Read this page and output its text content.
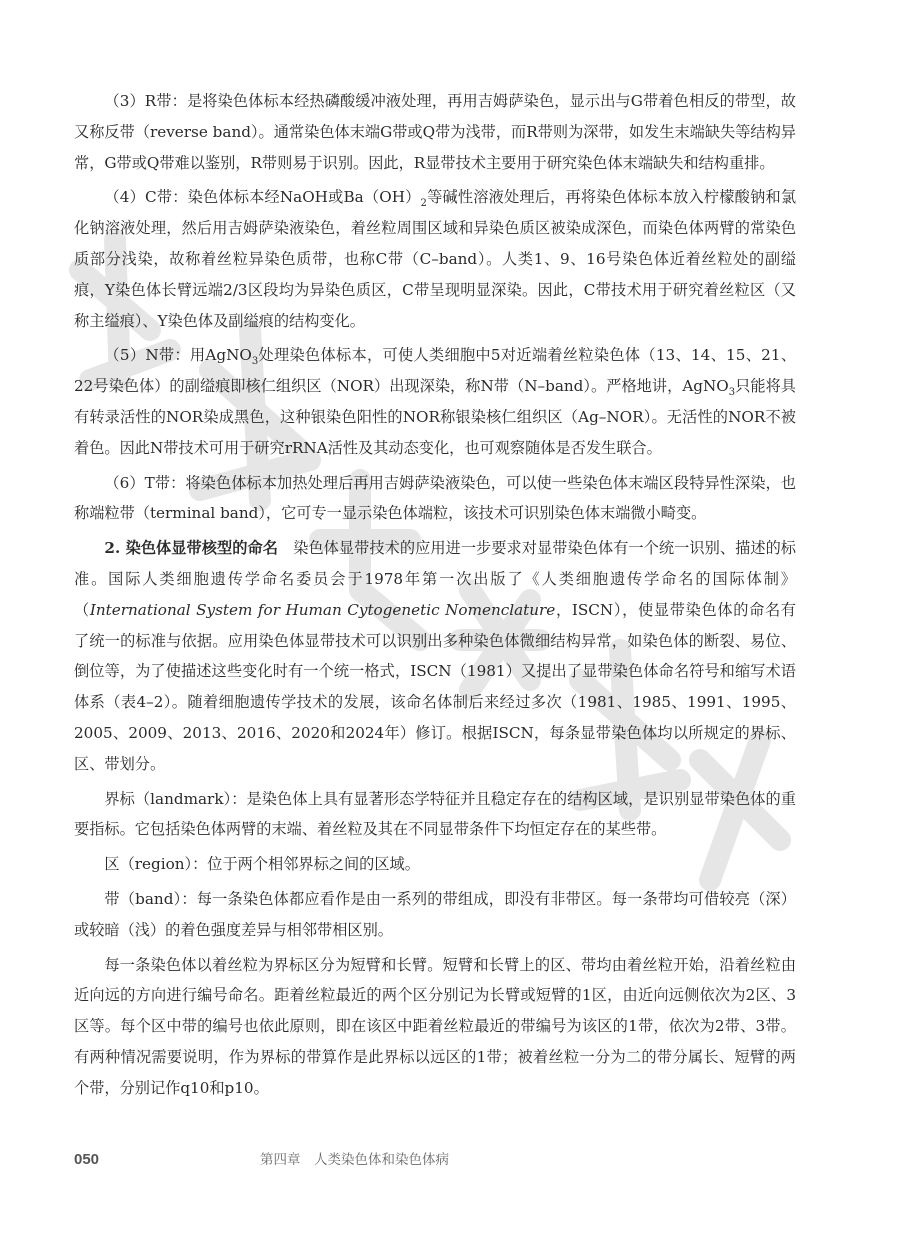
（3）R带：是将染色体标本经热磷酸缓冲液处理，再用吉姆萨染色，显示出与G带着色相反的带型，故又称反带（reverse band）。通常染色体末端G带或Q带为浅带，而R带则为深带，如发生末端缺失等结构异常，G带或Q带难以鉴别，R带则易于识别。因此，R显带技术主要用于研究染色体末端缺失和结构重排。

（4）C带：染色体标本经NaOH或$Ba(OH)_2$等碱性溶液处理后，再将染色体标本放入柠檬酸钠和氯化钠溶液处理，然后用吉姆萨染液染色，着丝粒周围区域和异染色质区被染成深色，而染色体两臂的常染色质部分浅染，故称着丝粒异染色质带，也称C带（C–band）。人类1、9、16号染色体近着丝粒处的副缢痕，Y染色体长臂远端2/3区段均为异染色质区，C带呈现明显深染。因此，C带技术用于研究着丝粒区（又称主缢痕）、Y染色体及副缢痕的结构变化。

（5）N带：用AgNO$_3$处理染色体标本，可使人类细胞中5对近端着丝粒染色体（13、14、15、21、22号染色体）的副缢痕即核仁组织区（NOR）出现深染，称N带（N–band）。严格地讲，AgNO$_3$只能将具有转录活性的NOR染成黑色，这种银染色阳性的NOR称银染核仁组织区（Ag–NOR）。无活性的NOR不被着色。因此N带技术可用于研究rRNA活性及其动态变化，也可观察随体是否发生联合。

（6）T带：将染色体标本加热处理后再用吉姆萨染液染色，可以使一些染色体末端区段特异性深染，也称端粒带（terminal band），它可专一显示染色体端粒，该技术可识别染色体末端微小畸变。

2. 染色体显带核型的命名　染色体显带技术的应用进一步要求对显带染色体有一个统一识别、描述的标准。国际人类细胞遗传学命名委员会于1978年第一次出版了《人类细胞遗传学命名的国际体制》（International System for Human Cytogenetic Nomenclature，ISCN），使显带染色体的命名有了统一的标准与依据。应用染色体显带技术可以识别出多种染色体微细结构异常，如染色体的断裂、易位、倒位等，为了使描述这些变化时有一个统一格式，ISCN（1981）又提出了显带染色体命名符号和缩写术语体系（表4–2）。随着细胞遗传学技术的发展，该命名体制后来经过多次（1981、1985、1991、1995、2005、2009、2013、2016、2020和2024年）修订。根据ISCN，每条显带染色体均以所规定的界标、区、带划分。

界标（landmark）：是染色体上具有显著形态学特征并且稳定存在的结构区域，是识别显带染色体的重要指标。它包括染色体两臂的末端、着丝粒及其在不同显带条件下均恒定存在的某些带。

区（region）：位于两个相邻界标之间的区域。

带（band）：每一条染色体都应看作是由一系列的带组成，即没有非带区。每一条带均可借较亮（深）或较暗（浅）的着色强度差异与相邻带相区别。

每一条染色体以着丝粒为界标区分为短臂和长臂。短臂和长臂上的区、带均由着丝粒开始，沿着丝粒由近向远的方向进行编号命名。距着丝粒最近的两个区分别记为长臂或短臂的1区，由近向远侧依次为2区、3区等。每个区中带的编号也依此原则，即在该区中距着丝粒最近的带编号为该区的1带，依次为2带、3带。有两种情况需要说明，作为界标的带算作是此界标以远区的1带；被着丝粒一分为二的带分属长、短臂的两个带，分别记作q10和p10。

050	第四章　人类染色体和染色体病
